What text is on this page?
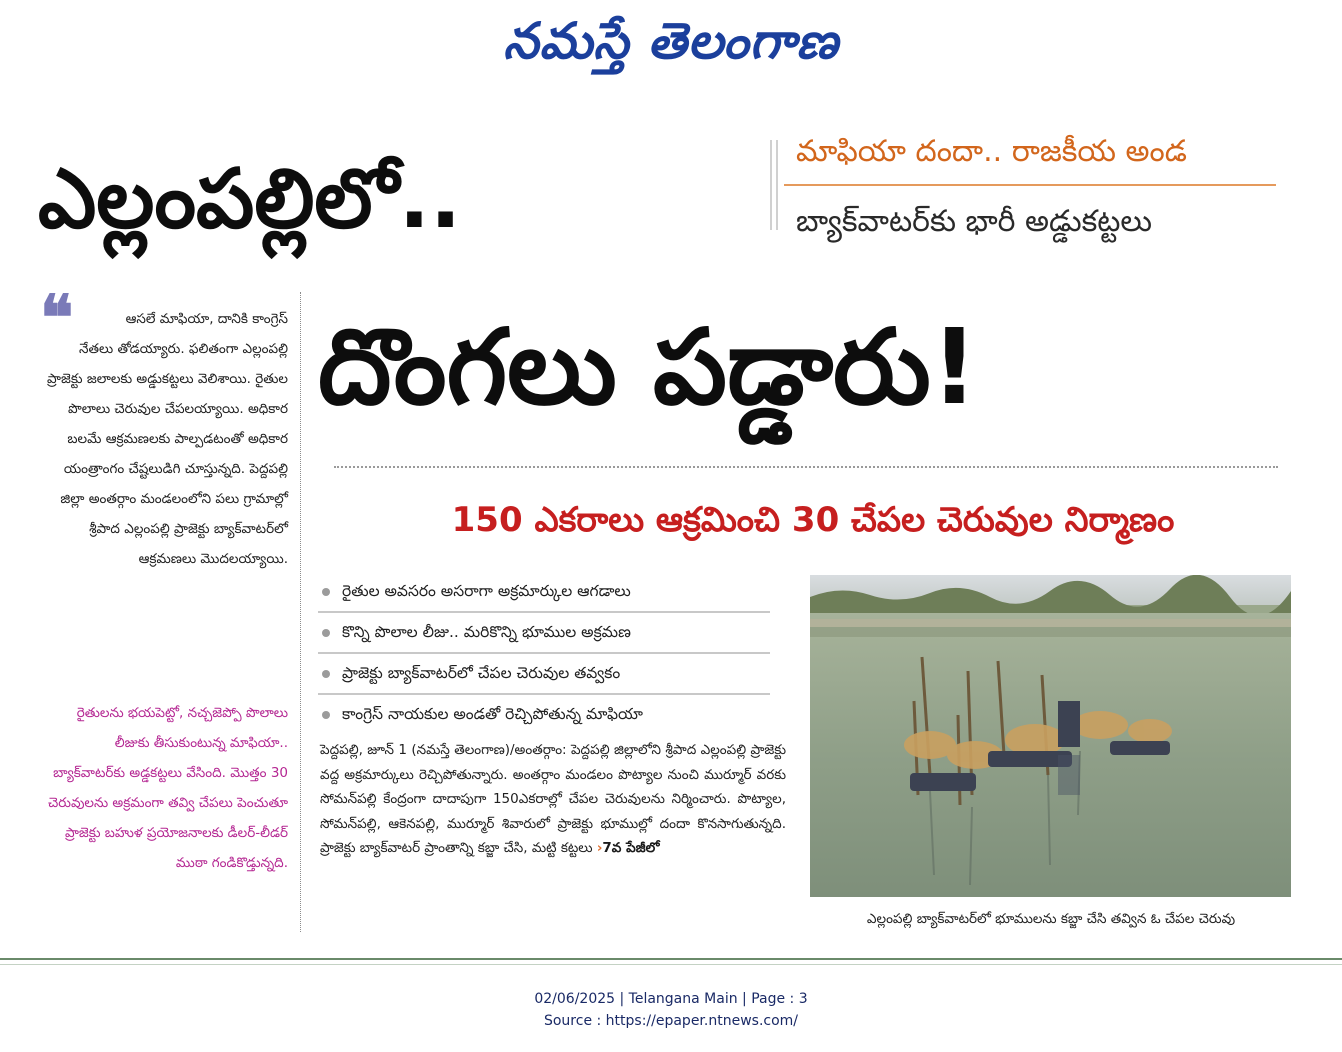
నమస్తే తెలంగాణ
ఎల్లంపల్లిలో..
మాఫియా దందా.. రాజకీయ అండ
బ్యాక్‌వాటర్‌కు భారీ అడ్డుకట్టలు
దొంగలు పడ్డారు!
150 ఎకరాలు ఆక్రమించి 30 చేపల చెరువుల నిర్మాణం
❝	ఆసలే మాఫియా, దానికి కాంగ్రెస్ నేతలు తోడయ్యారు. ఫలితంగా ఎల్లంపల్లి ప్రాజెక్టు జలాలకు అడ్డుకట్టలు వెలిశాయి. రైతుల పొలాలు చెరువుల చేపలయ్యాయి. అధికార బలమే ఆక్రమణలకు పాల్పడటంతో అధికార యంత్రాంగం చేష్టలుడిగి చూస్తున్నది. పెద్దపల్లి జిల్లా అంతర్గాం మండలంలోని పలు గ్రామాల్లో శ్రీపాద ఎల్లంపల్లి ప్రాజెక్టు బ్యాక్‌వాటర్‌లో ఆక్రమణలు మొదలయ్యాయి.
రైతులను భయపెట్టో, నచ్చజెప్పో పొలాలు లీజుకు తీసుకుంటున్న మాఫియా.. బ్యాక్‌వాటర్‌కు అడ్డకట్టలు వేసింది. మొత్తం 30 చెరువులను అక్రమంగా తవ్వి చేపలు పెంచుతూ ప్రాజెక్టు బహుళ ప్రయోజనాలకు డీలర్-లీడర్ ముఠా గండికొడ్తున్నది.
రైతుల అవసరం అసరాగా అక్రమార్కుల ఆగడాలు
కొన్ని పొలాల లీజు.. మరికొన్ని భూముల అక్రమణ
ప్రాజెక్టు బ్యాక్‌వాటర్‌లో చేపల చెరువుల తవ్వకం
కాంగ్రెస్ నాయకుల అండతో రెచ్చిపోతున్న మాఫియా
పెద్దపల్లి, జూన్ 1 (నమస్తే తెలంగాణ)/అంతర్గాం: పెద్దపల్లి జిల్లాలోని శ్రీపాద ఎల్లంపల్లి ప్రాజెక్టు వద్ద అక్రమార్కులు రెచ్చిపోతున్నారు. అంతర్గాం మండలం పొట్యాల నుంచి ముర్మూర్ వరకు సోమన్‌పల్లి కేంద్రంగా దాదాపుగా 150ఎకరాల్లో చేపల చెరువులను నిర్మించారు. పొట్యాల, సోమన్‌పల్లి, ఆకెనపల్లి, ముర్మూర్ శివారులో ప్రాజెక్టు భూముల్లో దందా కొనసాగుతున్నది. ప్రాజెక్టు బ్యాక్‌వాటర్ ప్రాంతాన్ని కబ్జా చేసి, మట్టి కట్టలు ›7వ పేజీలో
ఎల్లంపల్లి బ్యాక్‌వాటర్‌లో భూములను కబ్జా చేసి తవ్విన ఓ చేపల చెరువు
02/06/2025 | Telangana Main | Page : 3
Source : https://epaper.ntnews.com/
